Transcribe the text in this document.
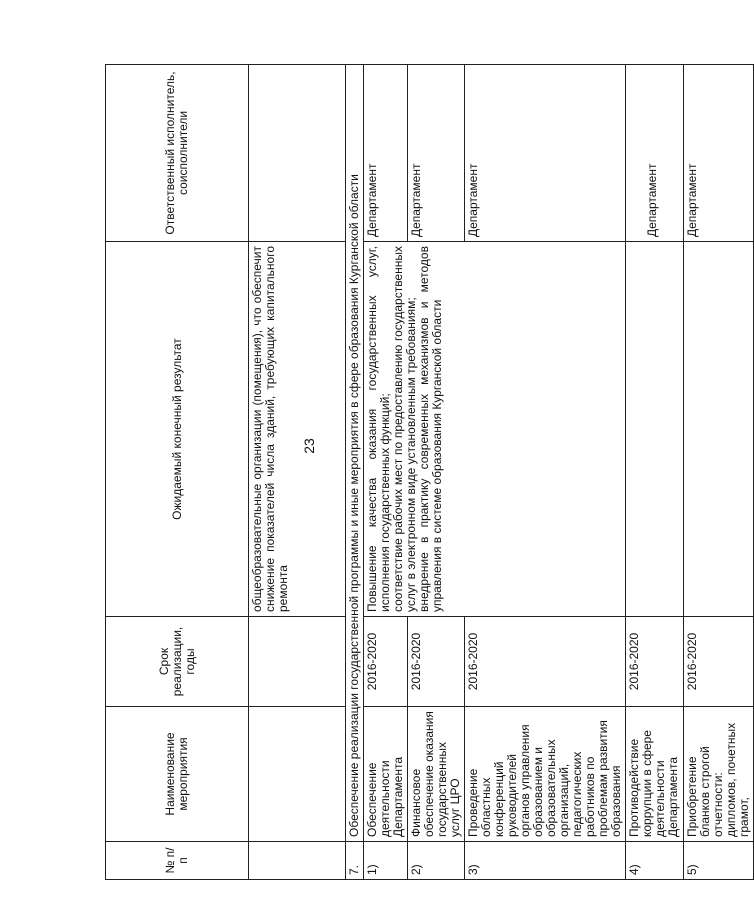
23
№ п/п	Наименование мероприятия	Срок реализации, годы	Ожидаемый конечный результат	Ответственный исполнитель, соисполнители
			общеобразовательные организации (помещения), что обеспечит снижение показателей числа зданий, требующих капитального ремонта	
7.	Обеспечение реализации государственной программы и иные мероприятия в сфере образования Курганской области			
1)	Обеспечение деятельности Департамента	2016-2020	Повышение качества оказания государственных услуг, исполнения государственных функций; соответствие рабочих мест по предоставлению государственных услуг в электронном виде установленным требованиям; внедрение в практику современных механизмов и методов управления в системе образования Курганской области	Департамент
2)	Финансовое обеспечение оказания государственных услуг ЦРО	2016-2020		Департамент
3)	Проведение областных конференций руководителей органов управления образованием и образовательных организаций, педагогических работников по проблемам развития образования	2016-2020		Департамент
4)	Противодействие коррупции в сфере деятельности Департамента	2016-2020		Департамент
5)	Приобретение бланков строгой отчетности: дипломов, почетных грамот,	2016-2020		Департамент
